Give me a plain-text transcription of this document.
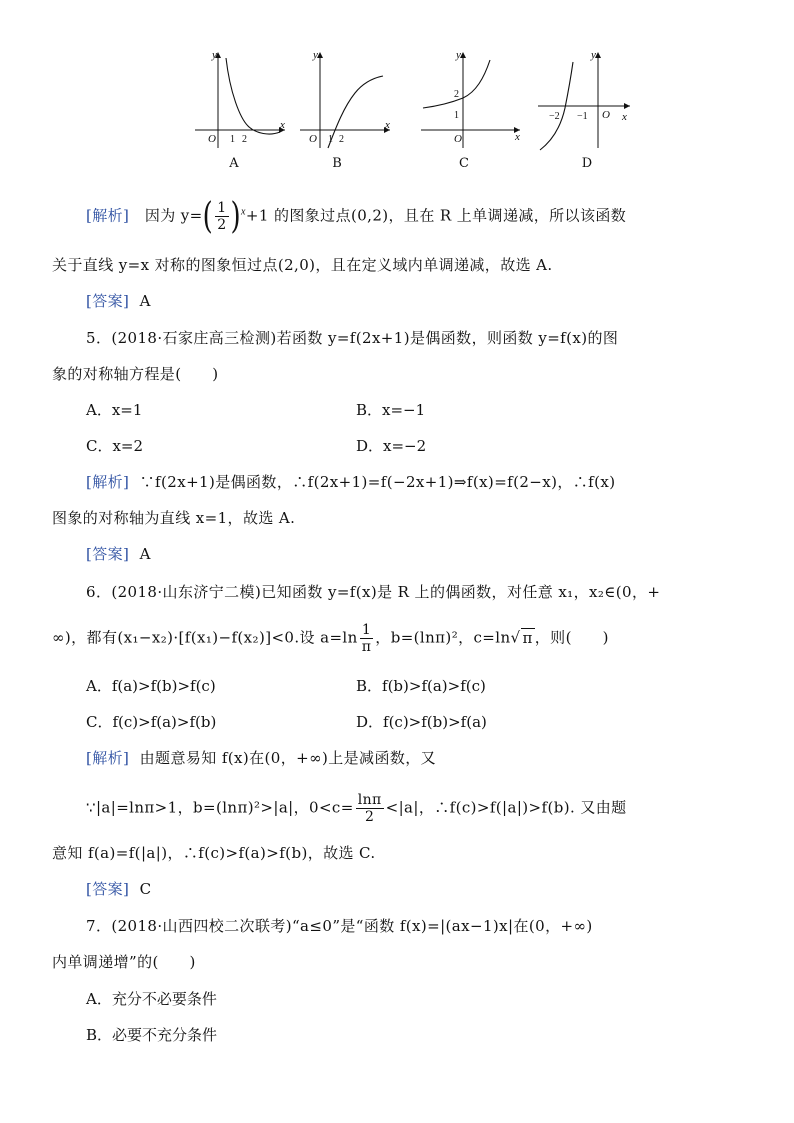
y
x
O 1 2
A
y
x
O 1 2
B
y
x
O
2
1
C
y
x
O
−2 −1
D
[解析] 因为 $y=( \frac{1}{2} )^x+1$ 的图象过点(0,2)，且在 R 上单调递减，所以该函数
关于直线 y=x 对称的图象恒过点(2,0)，且在定义域内单调递减，故选 A.
[答案] A
5．(2018·石家庄高三检测)若函数 y=f(2x+1)是偶函数，则函数 y=f(x)的图
象的对称轴方程是(　　)
A．x=1	B．x=−1
C．x=2	D．x=−2
[解析] ∵f(2x+1)是偶函数，∴f(2x+1)=f(−2x+1)⇒f(x)=f(2−x)，∴f(x)
图象的对称轴为直线 x=1，故选 A.
[答案] A
6．(2018·山东济宁二模)已知函数 y=f(x)是 R 上的偶函数，对任意 x₁，x₂∈(0，+
∞)，都有(x₁−x₂)·[f(x₁)−f(x₂)]<0.设 $a=\ln \frac{1}{\pi}$ ，b=(lnπ)²，c=ln√ π ，则(　　)
A．f(a)>f(b)>f(c)	B．f(b)>f(a)>f(c)
C．f(c)>f(a)>f(b)	D．f(c)>f(b)>f(a)
[解析] 由题意易知 f(x)在(0，+∞)上是减函数，又
∵|a|=lnπ>1，b=(lnπ)²>|a|，$0<c= \frac{\ln\pi}{2} <|a|$，∴f(c)>f(|a|)>f(b). 又由题
意知 f(a)=f(|a|)，∴f(c)>f(a)>f(b)，故选 C.
[答案] C
7．(2018·山西四校二次联考)“a≤0”是“函数 f(x)=|(ax−1)x|在(0，+∞)
内单调递增”的(　　)
A．充分不必要条件
B．必要不充分条件
